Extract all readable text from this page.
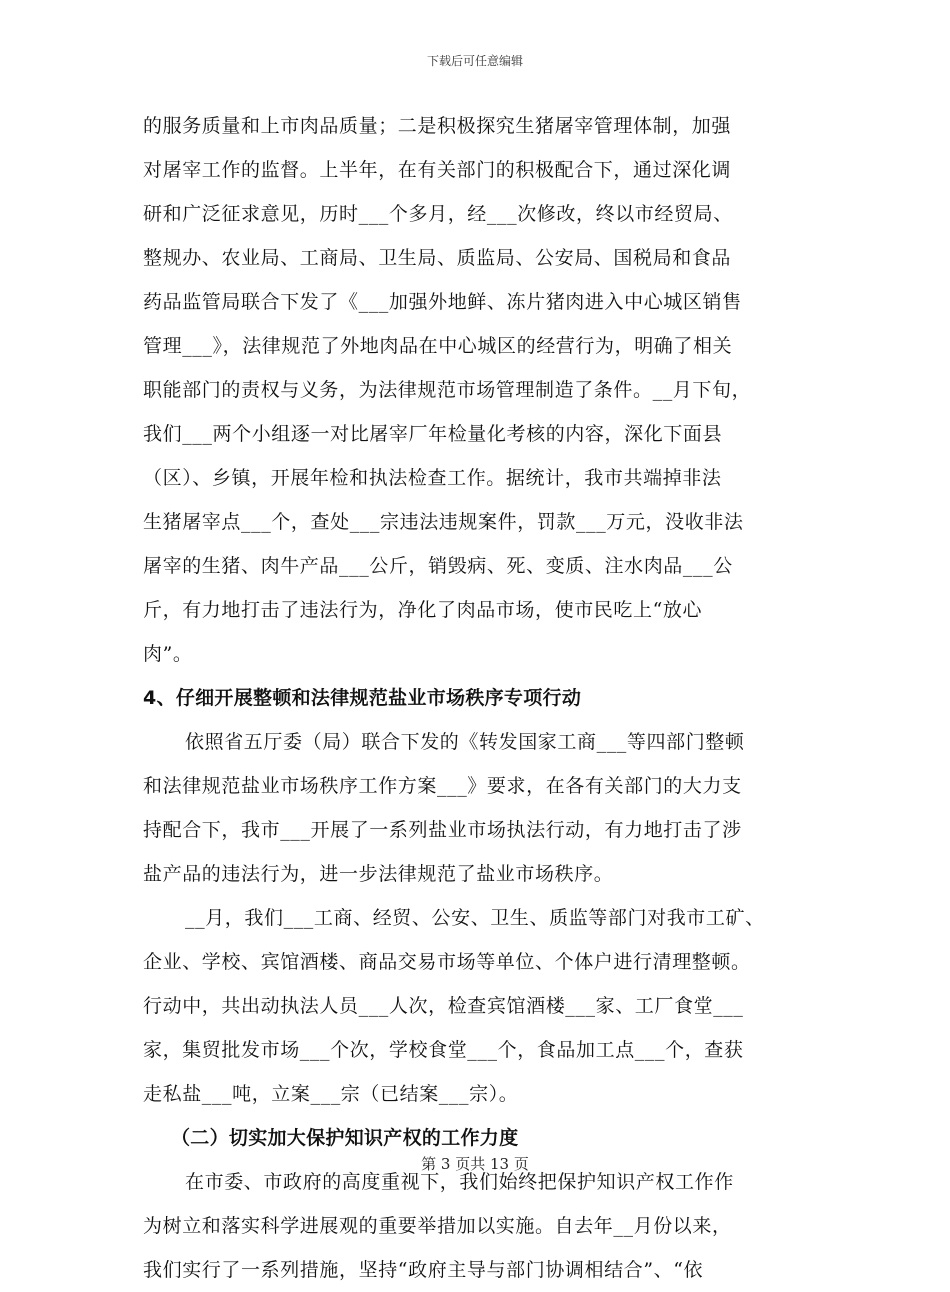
下载后可任意编辑
的服务质量和上市肉品质量；二是积极探究生猪屠宰管理体制，加强
对屠宰工作的监督。上半年，在有关部门的积极配合下，通过深化调
研和广泛征求意见，历时___个多月，经___次修改，终以市经贸局、
整规办、农业局、工商局、卫生局、质监局、公安局、国税局和食品
药品监管局联合下发了《___加强外地鲜、冻片猪肉进入中心城区销售
管理___》，法律规范了外地肉品在中心城区的经营行为，明确了相关
职能部门的责权与义务，为法律规范市场管理制造了条件。__月下旬，
我们___两个小组逐一对比屠宰厂年检量化考核的内容，深化下面县
（区）、乡镇，开展年检和执法检查工作。据统计，我市共端掉非法
生猪屠宰点___个，查处___宗违法违规案件，罚款___万元，没收非法
屠宰的生猪、肉牛产品___公斤，销毁病、死、变质、注水肉品___公
斤，有力地打击了违法行为，净化了肉品市场，使市民吃上“放心
肉”。
4、仔细开展整顿和法律规范盐业市场秩序专项行动
依照省五厅委（局）联合下发的《转发国家工商___等四部门整顿
和法律规范盐业市场秩序工作方案___》要求，在各有关部门的大力支
持配合下，我市___开展了一系列盐业市场执法行动，有力地打击了涉
盐产品的违法行为，进一步法律规范了盐业市场秩序。
__月，我们___工商、经贸、公安、卫生、质监等部门对我市工矿、
企业、学校、宾馆酒楼、商品交易市场等单位、个体户进行清理整顿。
行动中，共出动执法人员___人次，检查宾馆酒楼___家、工厂食堂___
家，集贸批发市场___个次，学校食堂___个，食品加工点___个，查获
走私盐___吨，立案___宗（已结案___宗）。
（二）切实加大保护知识产权的工作力度
在市委、市政府的高度重视下，我们始终把保护知识产权工作作
为树立和落实科学进展观的重要举措加以实施。自去年__月份以来，
我们实行了一系列措施，坚持“政府主导与部门协调相结合”、“依
第 3 页共 13 页
